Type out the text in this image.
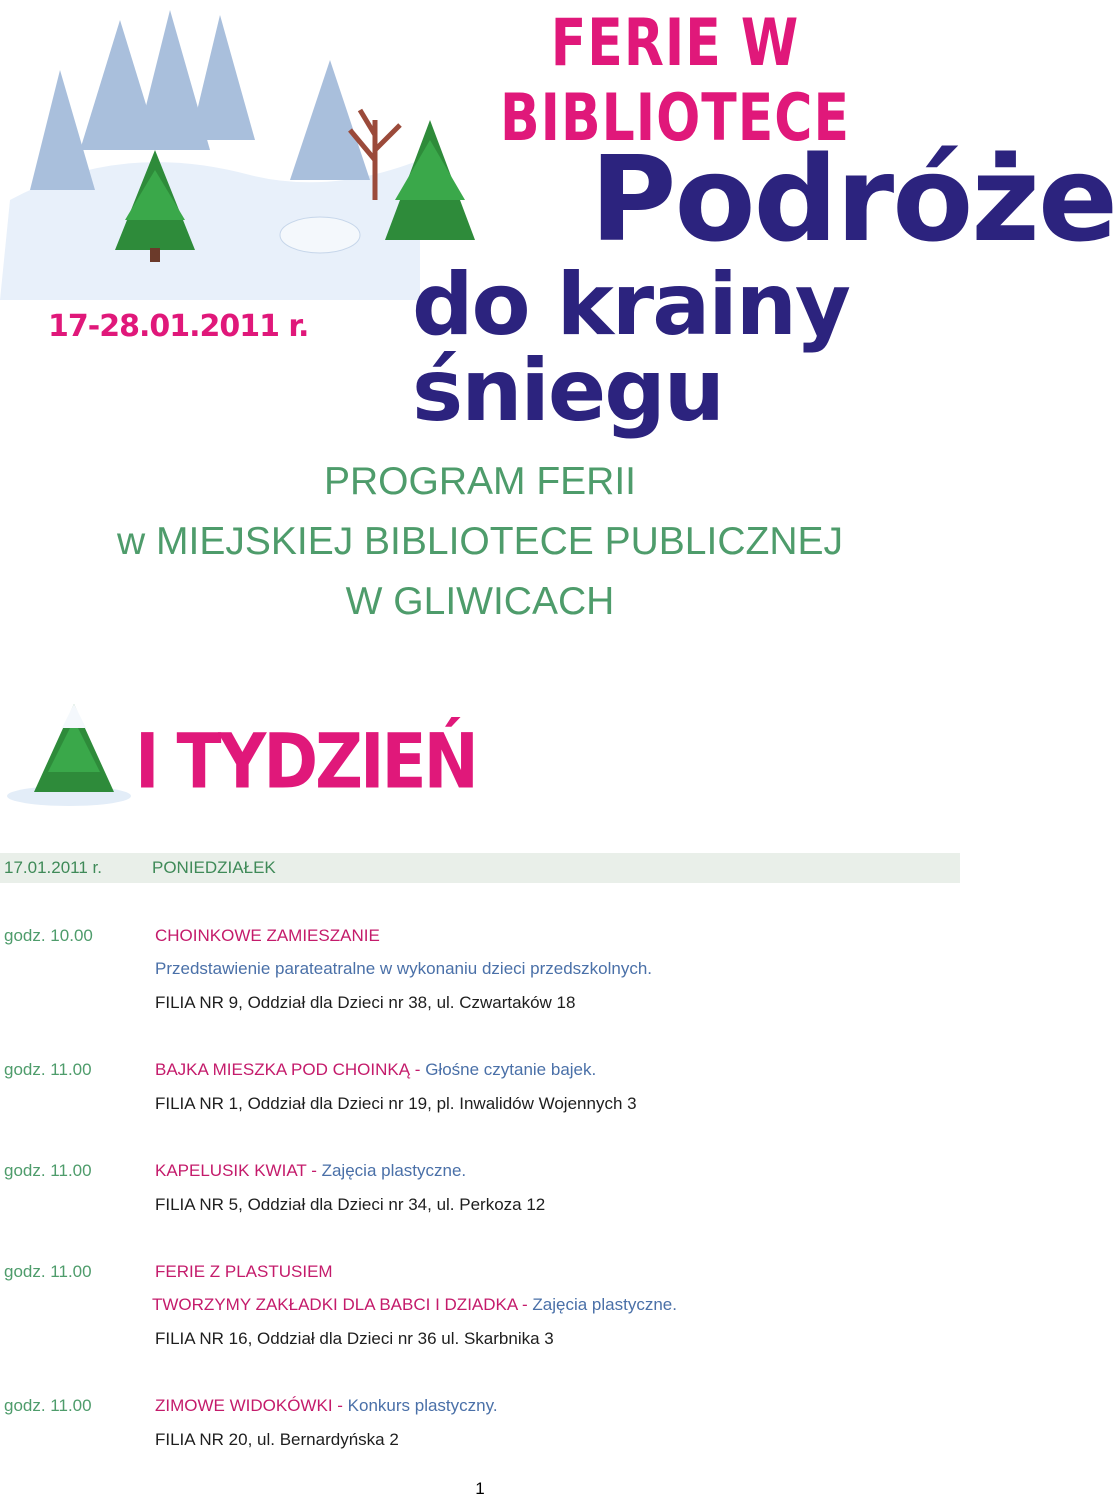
FERIE W BIBLIOTECE
Podróże
do krainy śniegu
17-28.01.2011 r.
PROGRAM FERII
w MIEJSKIEJ BIBLIOTECE PUBLICZNEJ
W GLIWICACH
I TYDZIEŃ
17.01.2011 r.	PONIEDZIAŁEK
godz. 10.00	CHOINKOWE ZAMIESZANIE
Przedstawienie parateatralne w wykonaniu dzieci przedszkolnych.
FILIA NR 9, Oddział dla Dzieci nr 38, ul. Czwartaków 18
godz. 11.00	BAJKA MIESZKA POD CHOINKĄ - Głośne czytanie bajek.
FILIA NR 1, Oddział dla Dzieci nr 19, pl. Inwalidów Wojennych 3
godz. 11.00	KAPELUSIK KWIAT - Zajęcia plastyczne.
FILIA NR 5, Oddział dla Dzieci nr 34, ul. Perkoza 12
godz. 11.00	FERIE Z PLASTUSIEM
TWORZYMY ZAKŁADKI DLA BABCI I DZIADKA - Zajęcia plastyczne.
FILIA NR 16, Oddział dla Dzieci nr 36 ul. Skarbnika 3
godz. 11.00	ZIMOWE WIDOKÓWKI - Konkurs plastyczny.
FILIA NR 20, ul. Bernardyńska 2
1
